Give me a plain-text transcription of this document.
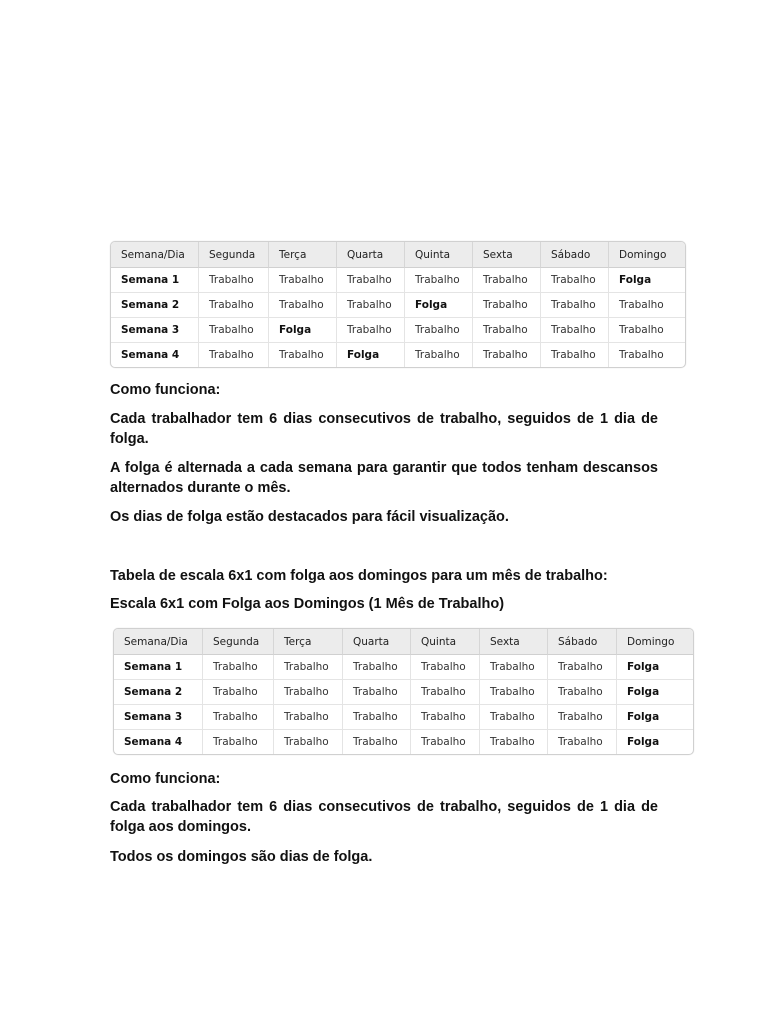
Semana/Dia	Segunda	Terça	Quarta	Quinta	Sexta	Sábado	Domingo
Semana 1	Trabalho	Trabalho	Trabalho	Trabalho	Trabalho	Trabalho	Folga
Semana 2	Trabalho	Trabalho	Trabalho	Folga	Trabalho	Trabalho	Trabalho
Semana 3	Trabalho	Folga	Trabalho	Trabalho	Trabalho	Trabalho	Trabalho
Semana 4	Trabalho	Trabalho	Folga	Trabalho	Trabalho	Trabalho	Trabalho

Como funciona:

Cada trabalhador tem 6 dias consecutivos de trabalho, seguidos de 1 dia de folga.

A folga é alternada a cada semana para garantir que todos tenham descansos alternados durante o mês.

Os dias de folga estão destacados para fácil visualização.

Tabela de escala 6x1 com folga aos domingos para um mês de trabalho:

Escala 6x1 com Folga aos Domingos (1 Mês de Trabalho)

Semana/Dia	Segunda	Terça	Quarta	Quinta	Sexta	Sábado	Domingo
Semana 1	Trabalho	Trabalho	Trabalho	Trabalho	Trabalho	Trabalho	Folga
Semana 2	Trabalho	Trabalho	Trabalho	Trabalho	Trabalho	Trabalho	Folga
Semana 3	Trabalho	Trabalho	Trabalho	Trabalho	Trabalho	Trabalho	Folga
Semana 4	Trabalho	Trabalho	Trabalho	Trabalho	Trabalho	Trabalho	Folga

Como funciona:

Cada trabalhador tem 6 dias consecutivos de trabalho, seguidos de 1 dia de folga aos domingos.

Todos os domingos são dias de folga.
